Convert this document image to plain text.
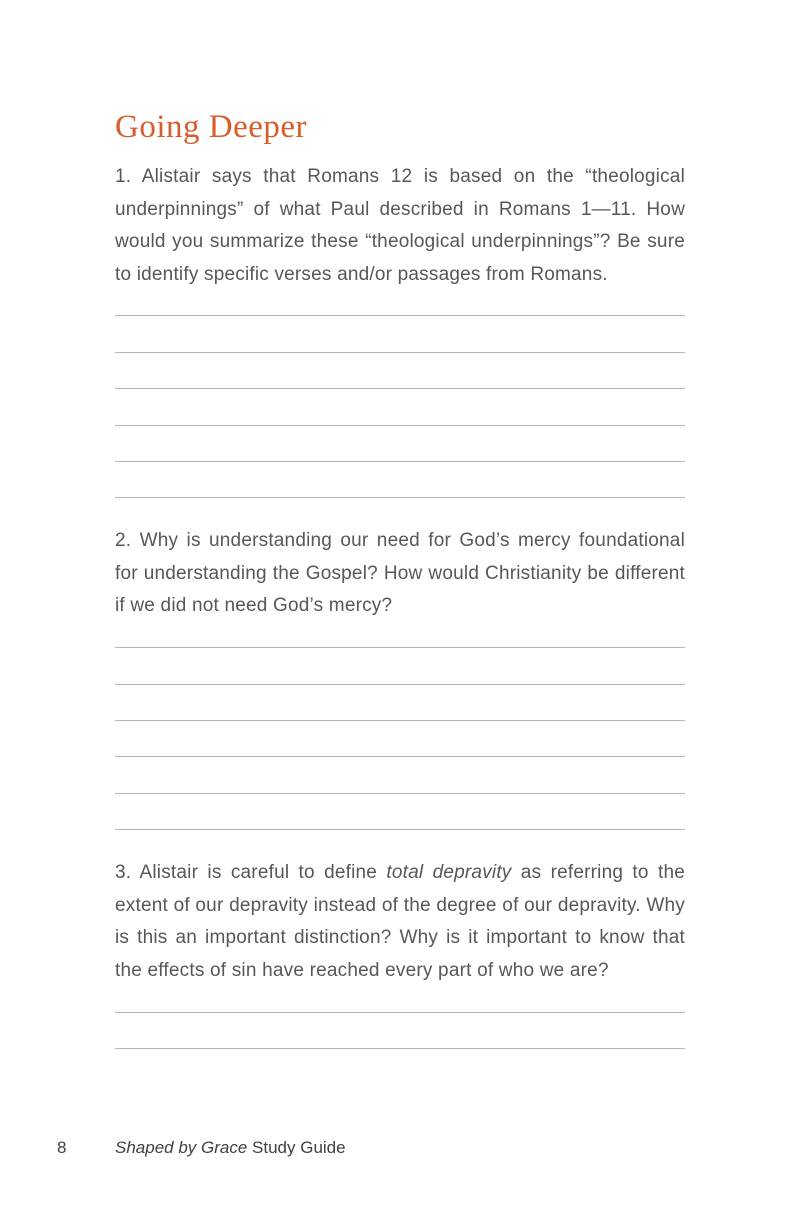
Going Deeper

1. Alistair says that Romans 12 is based on the “theological underpinnings” of what Paul described in Romans 1—11. How would you summarize these “theological underpinnings”? Be sure to identify specific verses and/or passages from Romans.

2. Why is understanding our need for God’s mercy foundational for understanding the Gospel? How would Christianity be different if we did not need God’s mercy?

3. Alistair is careful to define total depravity as referring to the extent of our depravity instead of the degree of our depravity. Why is this an important distinction? Why is it important to know that the effects of sin have reached every part of who we are?

8	Shaped by Grace Study Guide
